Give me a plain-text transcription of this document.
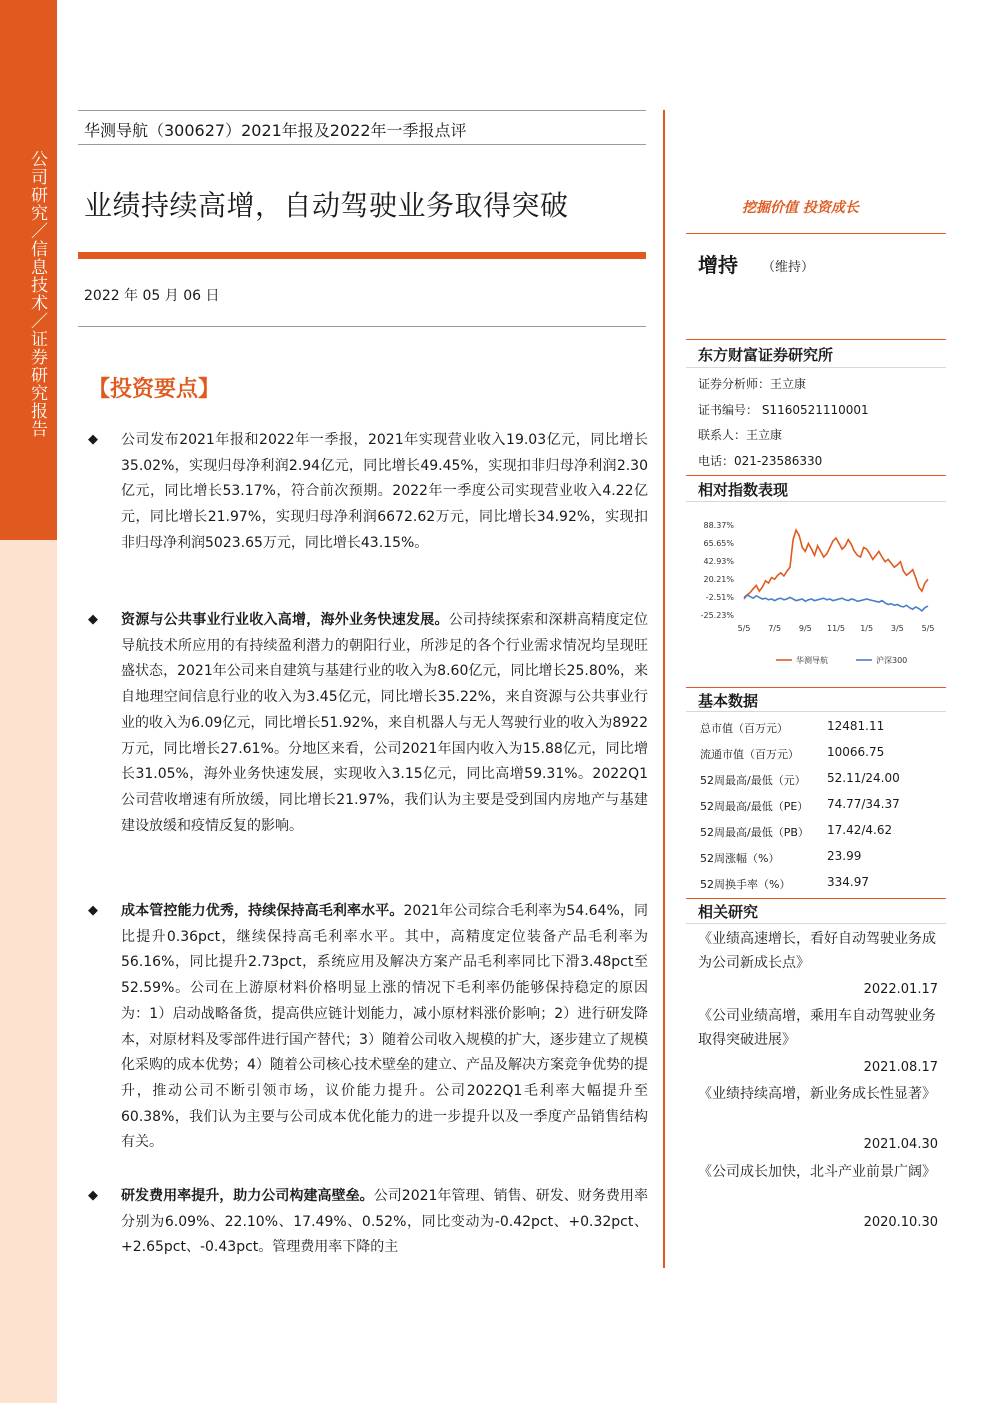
公司研究／信息技术／证券研究报告
华测导航（300627）2021年报及2022年一季报点评
业绩持续高增，自动驾驶业务取得突破
2022 年 05 月 06 日
【投资要点】
◆ 公司发布2021年报和2022年一季报，2021年实现营业收入19.03亿元，同比增长35.02%，实现归母净利润2.94亿元，同比增长49.45%，实现扣非归母净利润2.30亿元，同比增长53.17%，符合前次预期。2022年一季度公司实现营业收入4.22亿元，同比增长21.97%，实现归母净利润6672.62万元，同比增长34.92%，实现扣非归母净利润5023.65万元，同比增长43.15%。
◆ 资源与公共事业行业收入高增，海外业务快速发展。公司持续探索和深耕高精度定位导航技术所应用的有持续盈利潜力的朝阳行业，所涉足的各个行业需求情况均呈现旺盛状态，2021年公司来自建筑与基建行业的收入为8.60亿元，同比增长25.80%，来自地理空间信息行业的收入为3.45亿元，同比增长35.22%，来自资源与公共事业行业的收入为6.09亿元，同比增长51.92%，来自机器人与无人驾驶行业的收入为8922万元，同比增长27.61%。分地区来看，公司2021年国内收入为15.88亿元，同比增长31.05%，海外业务快速发展，实现收入3.15亿元，同比高增59.31%。2022Q1公司营收增速有所放缓，同比增长21.97%，我们认为主要是受到国内房地产与基建建设放缓和疫情反复的影响。
◆ 成本管控能力优秀，持续保持高毛利率水平。2021年公司综合毛利率为54.64%，同比提升0.36pct，继续保持高毛利率水平。其中，高精度定位装备产品毛利率为56.16%，同比提升2.73pct，系统应用及解决方案产品毛利率同比下滑3.48pct至52.59%。公司在上游原材料价格明显上涨的情况下毛利率仍能够保持稳定的原因为：1）启动战略备货，提高供应链计划能力，减小原材料涨价影响；2）进行研发降本，对原材料及零部件进行国产替代；3）随着公司收入规模的扩大，逐步建立了规模化采购的成本优势；4）随着公司核心技术壁垒的建立、产品及解决方案竞争优势的提升，推动公司不断引领市场，议价能力提升。公司2022Q1毛利率大幅提升至60.38%，我们认为主要与公司成本优化能力的进一步提升以及一季度产品销售结构有关。
◆ 研发费用率提升，助力公司构建高壁垒。公司2021年管理、销售、研发、财务费用率分别为6.09%、22.10%、17.49%、0.52%，同比变动为-0.42pct、+0.32pct、+2.65pct、-0.43pct。管理费用率下降的主
挖掘价值 投资成长
增持 （维持）
东方财富证券研究所
证券分析师：王立康
证书编号： S1160521110001
联系人：王立康
电话：021-23586330
相对指数表现
88.37%
65.65%
42.93%
20.21%
-2.51%
-25.23%
5/5 7/5 9/5 11/5 1/5 3/5 5/5
华测导航	沪深300
基本数据
总市值（百万元）	12481.11
流通市值（百万元） 10066.75
52周最高/最低（元） 52.11/24.00
52周最高/最低（PE） 74.77/34.37
52周最高/最低（PB） 17.42/4.62
52周涨幅（%）	23.99
52周换手率（%）	334.97
相关研究
《业绩高速增长，看好自动驾驶业务成为公司新成长点》
2022.01.17
《公司业绩高增，乘用车自动驾驶业务取得突破进展》
2021.08.17
《业绩持续高增，新业务成长性显著》
2021.04.30
《公司成长加快，北斗产业前景广阔》
2020.10.30
